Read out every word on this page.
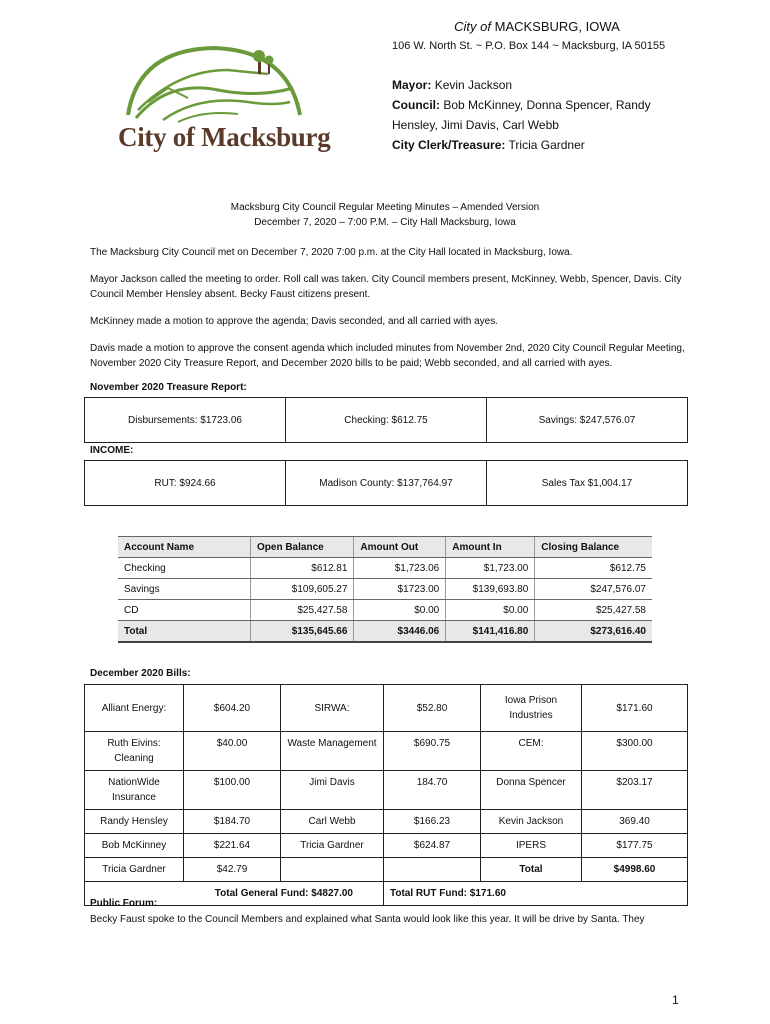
City of Macksburg
City of MACKSBURG, IOWA
106 W. North St. ~ P.O. Box 144 ~ Macksburg, IA 50155
Mayor: Kevin Jackson
Council: Bob McKinney, Donna Spencer, Randy Hensley, Jimi Davis, Carl Webb
City Clerk/Treasure: Tricia Gardner
Macksburg City Council Regular Meeting Minutes – Amended Version
December 7, 2020 – 7:00 P.M. – City Hall Macksburg, Iowa
The Macksburg City Council met on December 7, 2020 7:00 p.m. at the City Hall located in Macksburg, Iowa.
Mayor Jackson called the meeting to order. Roll call was taken. City Council members present, McKinney, Webb, Spencer, Davis. City Council Member Hensley absent. Becky Faust citizens present.
McKinney made a motion to approve the agenda; Davis seconded, and all carried with ayes.
Davis made a motion to approve the consent agenda which included minutes from November 2nd, 2020 City Council Regular Meeting, November 2020 City Treasure Report, and December 2020 bills to be paid; Webb seconded, and all carried with ayes.
November 2020 Treasure Report:
Disbursements: $1723.06	Checking: $612.75	Savings: $247,576.07
INCOME:
RUT: $924.66	Madison County: $137,764.97	Sales Tax $1,004.17
Account Name	Open Balance	Amount Out	Amount In	Closing Balance
Checking	$612.81	$1,723.06	$1,723.00	$612.75
Savings	$109,605.27	$1723.00	$139,693.80	$247,576.07
CD	$25,427.58	$0.00	$0.00	$25,427.58
Total	$135,645.66	$3446.06	$141,416.80	$273,616.40
December 2020 Bills:
Alliant Energy:	$604.20	SIRWA:	$52.80	Iowa Prison Industries	$171.60
Ruth Eivins: Cleaning	$40.00	Waste Management	$690.75	CEM:	$300.00
NationWide Insurance	$100.00	Jimi Davis	184.70	Donna Spencer	$203.17
Randy Hensley	$184.70	Carl Webb	$166.23	Kevin Jackson	369.40
Bob McKinney	$221.64	Tricia Gardner	$624.87	IPERS	$177.75
Tricia Gardner	$42.79			Total	$4998.60
Total General Fund: $4827.00			Total RUT Fund: $171.60		
Public Forum:
Becky Faust spoke to the Council Members and explained what Santa would look like this year. It will be drive by Santa. They
1
